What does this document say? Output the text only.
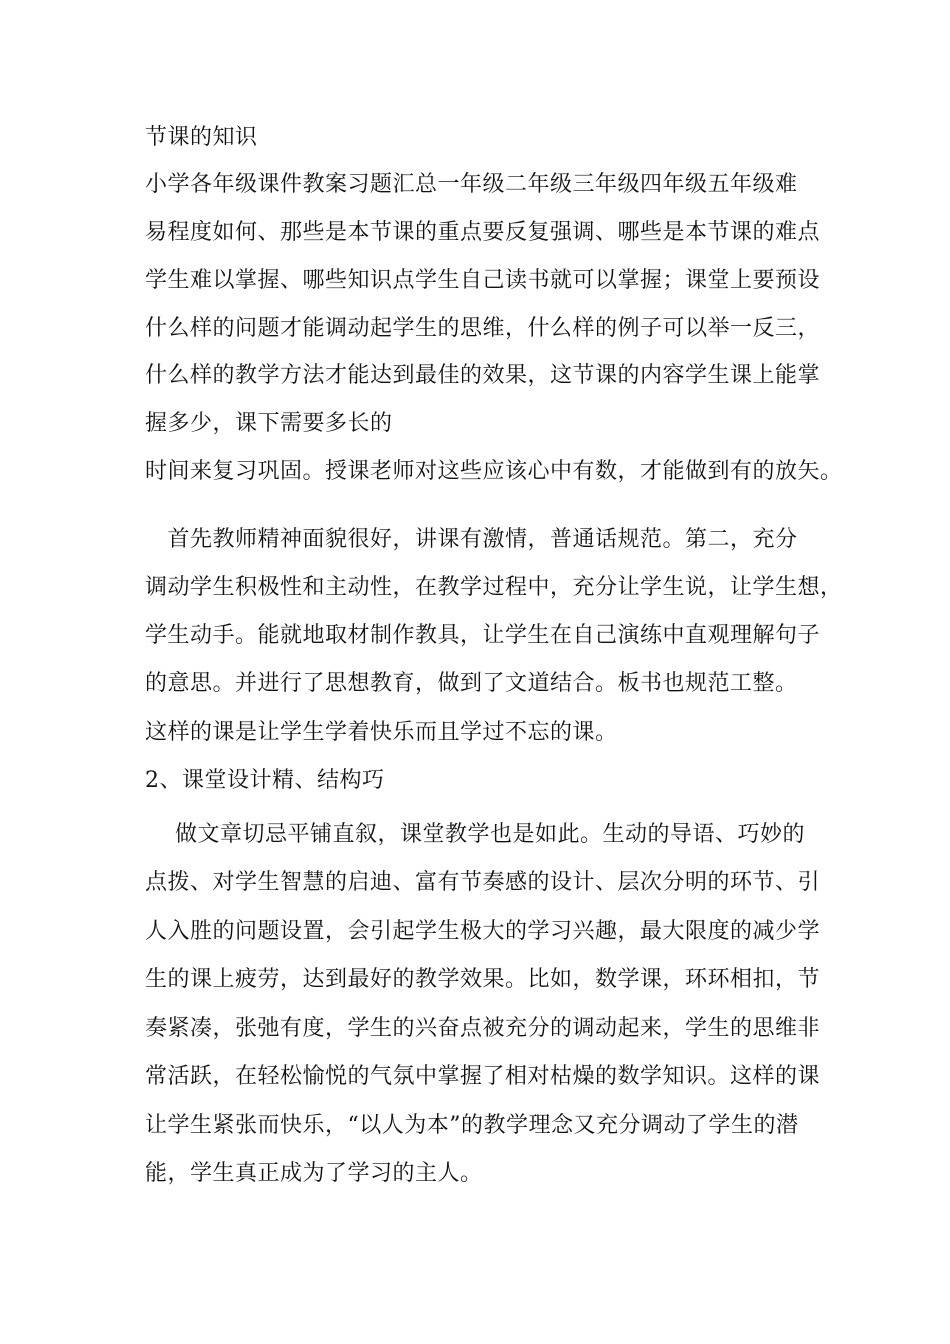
节课的知识

小学各年级课件教案习题汇总一年级二年级三年级四年级五年级难

易程度如何、那些是本节课的重点要反复强调、哪些是本节课的难点

学生难以掌握、哪些知识点学生自己读书就可以掌握；课堂上要预设

什么样的问题才能调动起学生的思维，什么样的例子可以举一反三，

什么样的教学方法才能达到最佳的效果，这节课的内容学生课上能掌

握多少，课下需要多长的

时间来复习巩固。授课老师对这些应该心中有数，才能做到有的放矢。

　首先教师精神面貌很好，讲课有激情，普通话规范。第二，充分

调动学生积极性和主动性，在教学过程中，充分让学生说，让学生想，

学生动手。能就地取材制作教具，让学生在自己演练中直观理解句子

的意思。并进行了思想教育，做到了文道结合。板书也规范工整。

这样的课是让学生学着快乐而且学过不忘的课。

2、课堂设计精、结构巧

　 做文章切忌平铺直叙，课堂教学也是如此。生动的导语、巧妙的

点拨、对学生智慧的启迪、富有节奏感的设计、层次分明的环节、引

人入胜的问题设置，会引起学生极大的学习兴趣，最大限度的减少学

生的课上疲劳，达到最好的教学效果。比如，数学课，环环相扣，节

奏紧凑，张弛有度，学生的兴奋点被充分的调动起来，学生的思维非

常活跃，在轻松愉悦的气氛中掌握了相对枯燥的数学知识。这样的课

让学生紧张而快乐，“以人为本”的教学理念又充分调动了学生的潜

能，学生真正成为了学习的主人。
